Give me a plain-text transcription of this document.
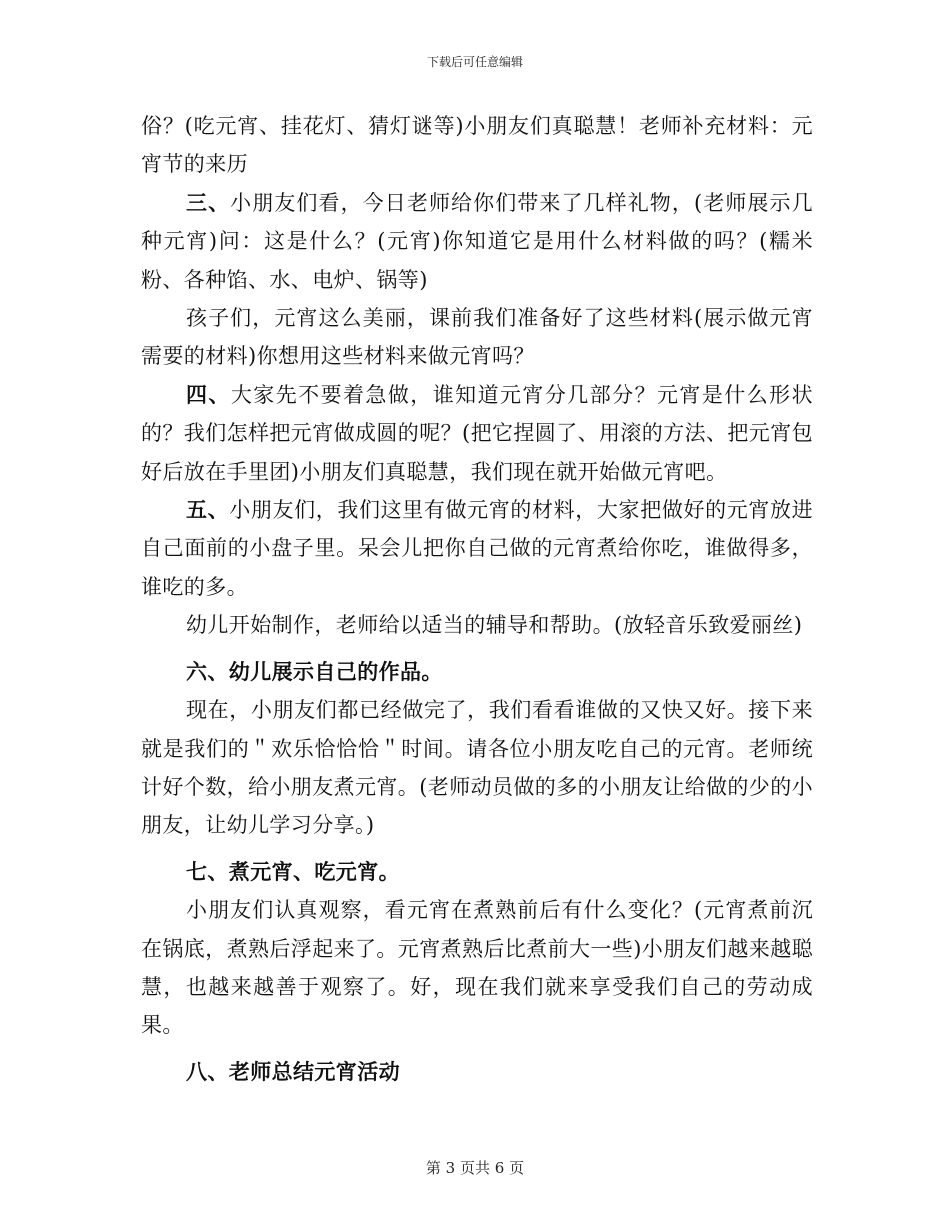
下载后可任意编辑

俗？(吃元宵、挂花灯、猜灯谜等)小朋友们真聪慧！老师补充材料：元宵节的来历

三、小朋友们看，今日老师给你们带来了几样礼物，(老师展示几种元宵)问：这是什么？(元宵)你知道它是用什么材料做的吗？(糯米粉、各种馅、水、电炉、锅等)

孩子们，元宵这么美丽，课前我们准备好了这些材料(展示做元宵需要的材料)你想用这些材料来做元宵吗？

四、大家先不要着急做，谁知道元宵分几部分？元宵是什么形状的？我们怎样把元宵做成圆的呢？(把它捏圆了、用滚的方法、把元宵包好后放在手里团)小朋友们真聪慧，我们现在就开始做元宵吧。

五、小朋友们，我们这里有做元宵的材料，大家把做好的元宵放进自己面前的小盘子里。呆会儿把你自己做的元宵煮给你吃，谁做得多，谁吃的多。

幼儿开始制作，老师给以适当的辅导和帮助。(放轻音乐致爱丽丝)

六、幼儿展示自己的作品。

现在，小朋友们都已经做完了，我们看看谁做的又快又好。接下来就是我们的＂欢乐恰恰恰＂时间。请各位小朋友吃自己的元宵。老师统计好个数，给小朋友煮元宵。(老师动员做的多的小朋友让给做的少的小朋友，让幼儿学习分享。)

七、煮元宵、吃元宵。

小朋友们认真观察，看元宵在煮熟前后有什么变化？(元宵煮前沉在锅底，煮熟后浮起来了。元宵煮熟后比煮前大一些)小朋友们越来越聪慧，也越来越善于观察了。好，现在我们就来享受我们自己的劳动成果。

八、老师总结元宵活动

第 3 页共 6 页
